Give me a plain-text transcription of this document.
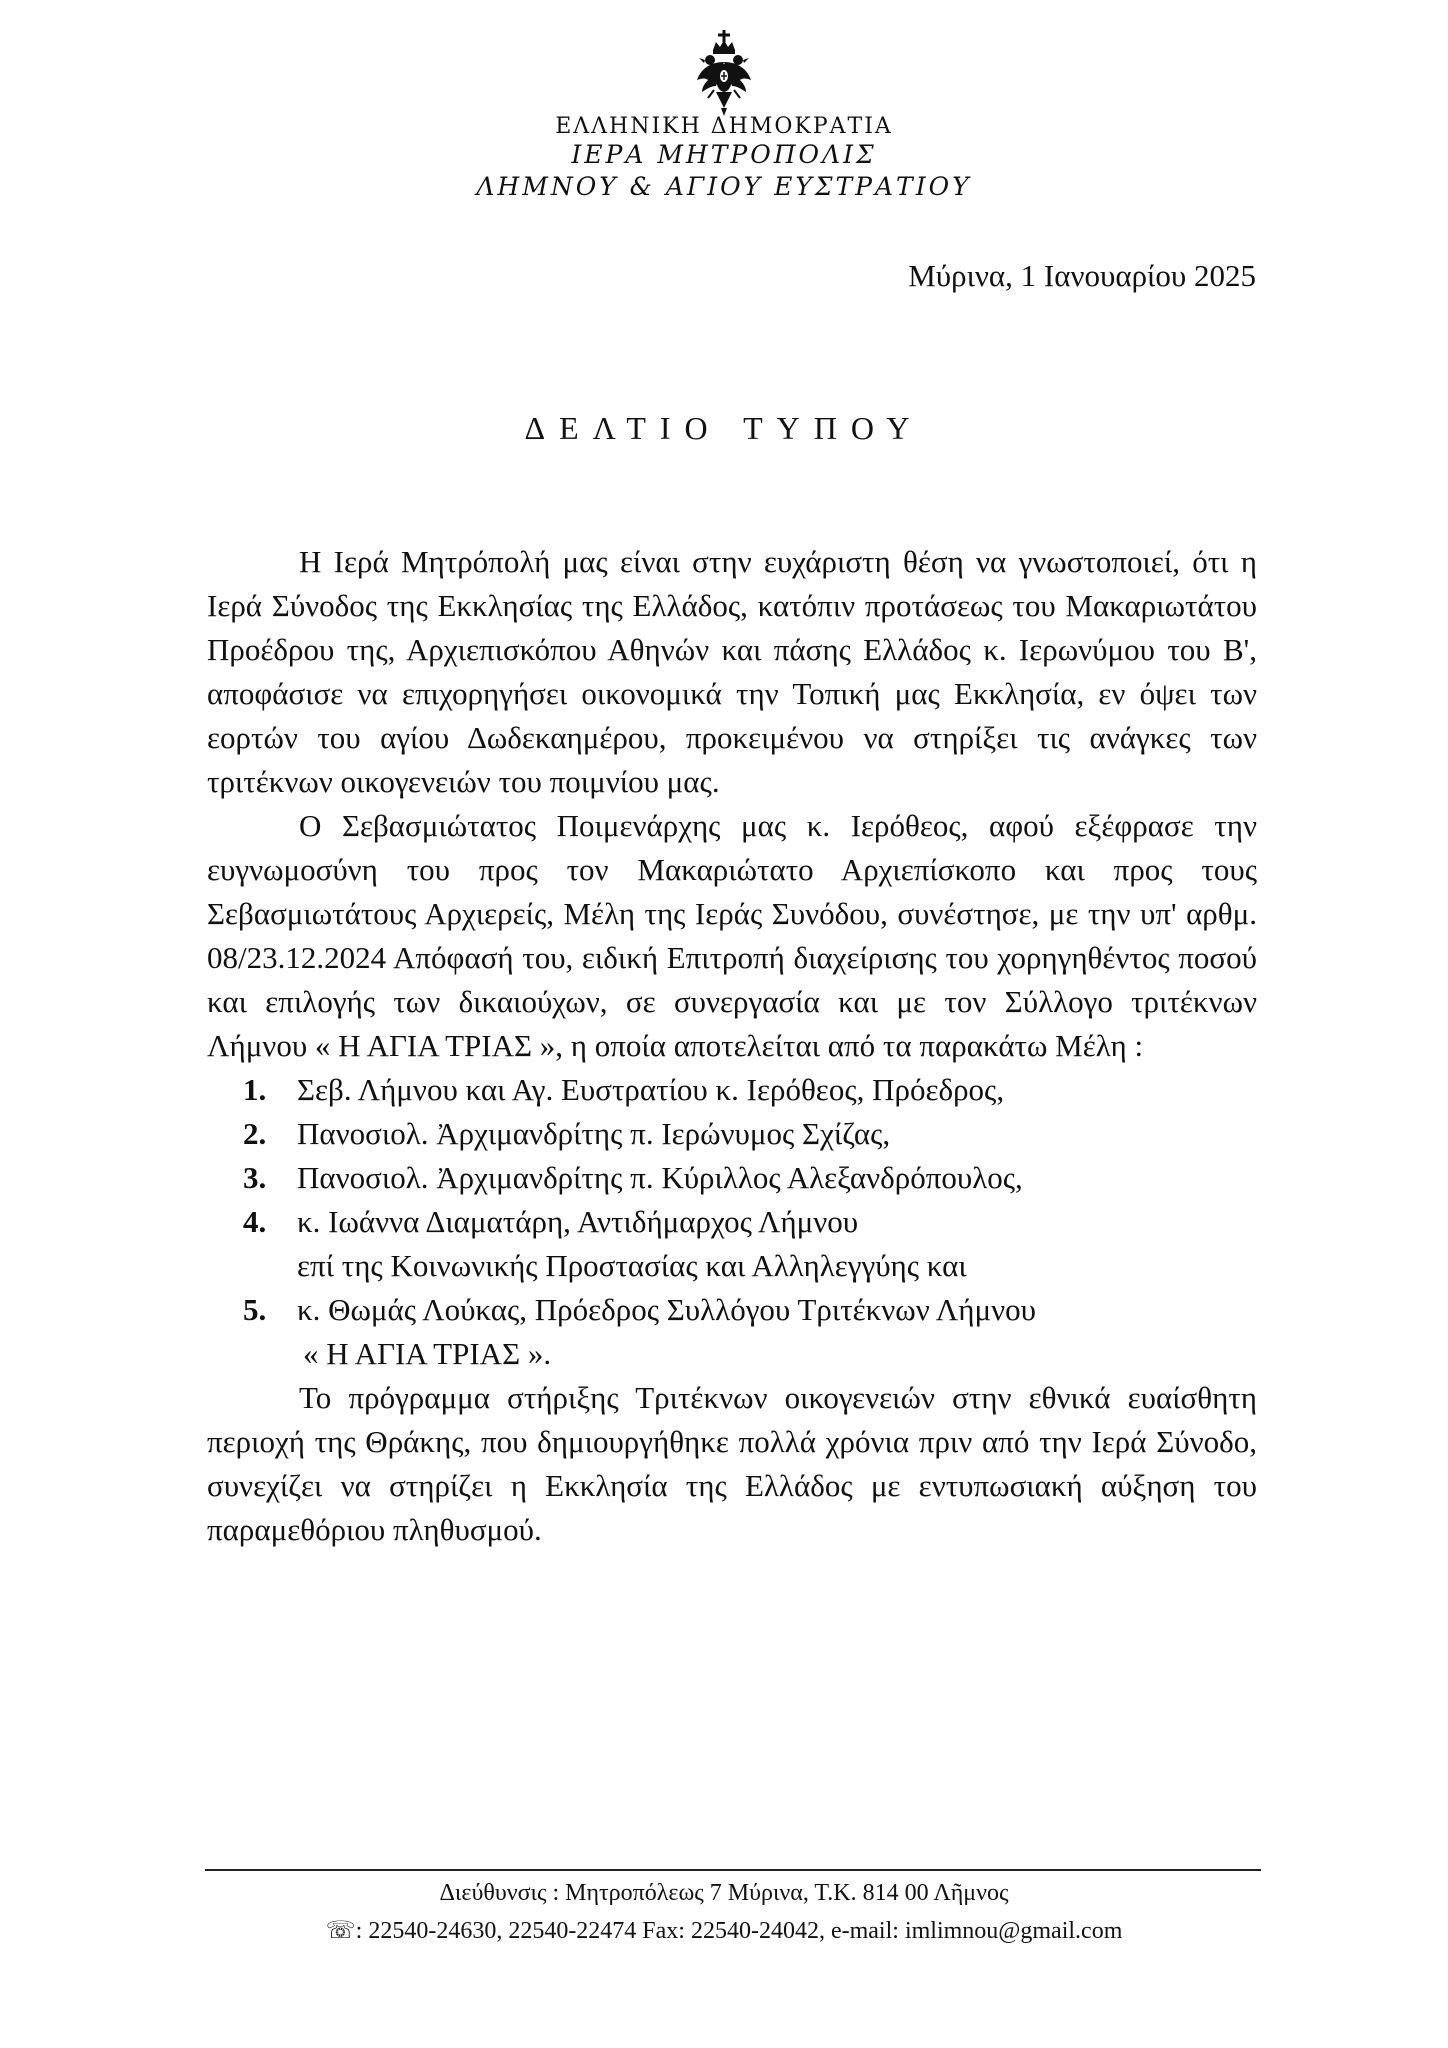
ΕΛΛΗΝΙΚΗ ΔΗΜΟΚΡΑΤΙΑ
ΙΕΡΑ ΜΗΤΡΟΠΟΛΙΣ
ΛΗΜΝΟΥ & ΑΓΙΟΥ ΕΥΣΤΡΑΤΙΟΥ
Μύρινα, 1 Ιανουαρίου 2025
ΔΕΛΤΙΟ ΤΥΠΟΥ

Η Ιερά Μητρόπολή μας είναι στην ευχάριστη θέση να γνωστοποιεί, ότι η Ιερά Σύνοδος της Εκκλησίας της Ελλάδος, κατόπιν προτάσεως του Μακαριωτάτου Προέδρου της, Αρχιεπισκόπου Αθηνών και πάσης Ελλάδος κ. Ιερωνύμου του Β', αποφάσισε να επιχορηγήσει οικονομικά την Τοπική μας Εκκλησία, εν όψει των εορτών του αγίου Δωδεκαημέρου, προκειμένου να στηρίξει τις ανάγκες των τριτέκνων οικογενειών του ποιμνίου μας.

Ο Σεβασμιώτατος Ποιμενάρχης μας κ. Ιερόθεος, αφού εξέφρασε την ευγνωμοσύνη του προς τον Μακαριώτατο Αρχιεπίσκοπο και προς τους Σεβασμιωτάτους Αρχιερείς, Μέλη της Ιεράς Συνόδου, συνέστησε, με την υπ' αρθμ. 08/23.12.2024 Απόφασή του, ειδική Επιτροπή διαχείρισης του χορηγηθέντος ποσού και επιλογής των δικαιούχων, σε συνεργασία και με τον Σύλλογο τριτέκνων Λήμνου « Η ΑΓΙΑ ΤΡΙΑΣ », η οποία αποτελείται από τα παρακάτω Μέλη :

1. Σεβ. Λήμνου και Αγ. Ευστρατίου κ. Ιερόθεος, Πρόεδρος,
2. Πανοσιολ. Ἀρχιμανδρίτης π. Ιερώνυμος Σχίζας,
3. Πανοσιολ. Ἀρχιμανδρίτης π. Κύριλλος Αλεξανδρόπουλος,
4. κ. Ιωάννα Διαματάρη, Αντιδήμαρχος Λήμνου
επί της Κοινωνικής Προστασίας και Αλληλεγγύης και
5. κ. Θωμάς Λούκας, Πρόεδρος Συλλόγου Τριτέκνων Λήμνου
« Η ΑΓΙΑ ΤΡΙΑΣ ».

Το πρόγραμμα στήριξης Τριτέκνων οικογενειών στην εθνικά ευαίσθητη περιοχή της Θράκης, που δημιουργήθηκε πολλά χρόνια πριν από την Ιερά Σύνοδο, συνεχίζει να στηρίζει η Εκκλησία της Ελλάδος με εντυπωσιακή αύξηση του παραμεθόριου πληθυσμού.

Διεύθυνσις : Μητροπόλεως 7 Μύρινα, Τ.Κ. 814 00 Λῆμνος
☏: 22540-24630, 22540-22474 Fax: 22540-24042, e-mail: imlimnou@gmail.com
